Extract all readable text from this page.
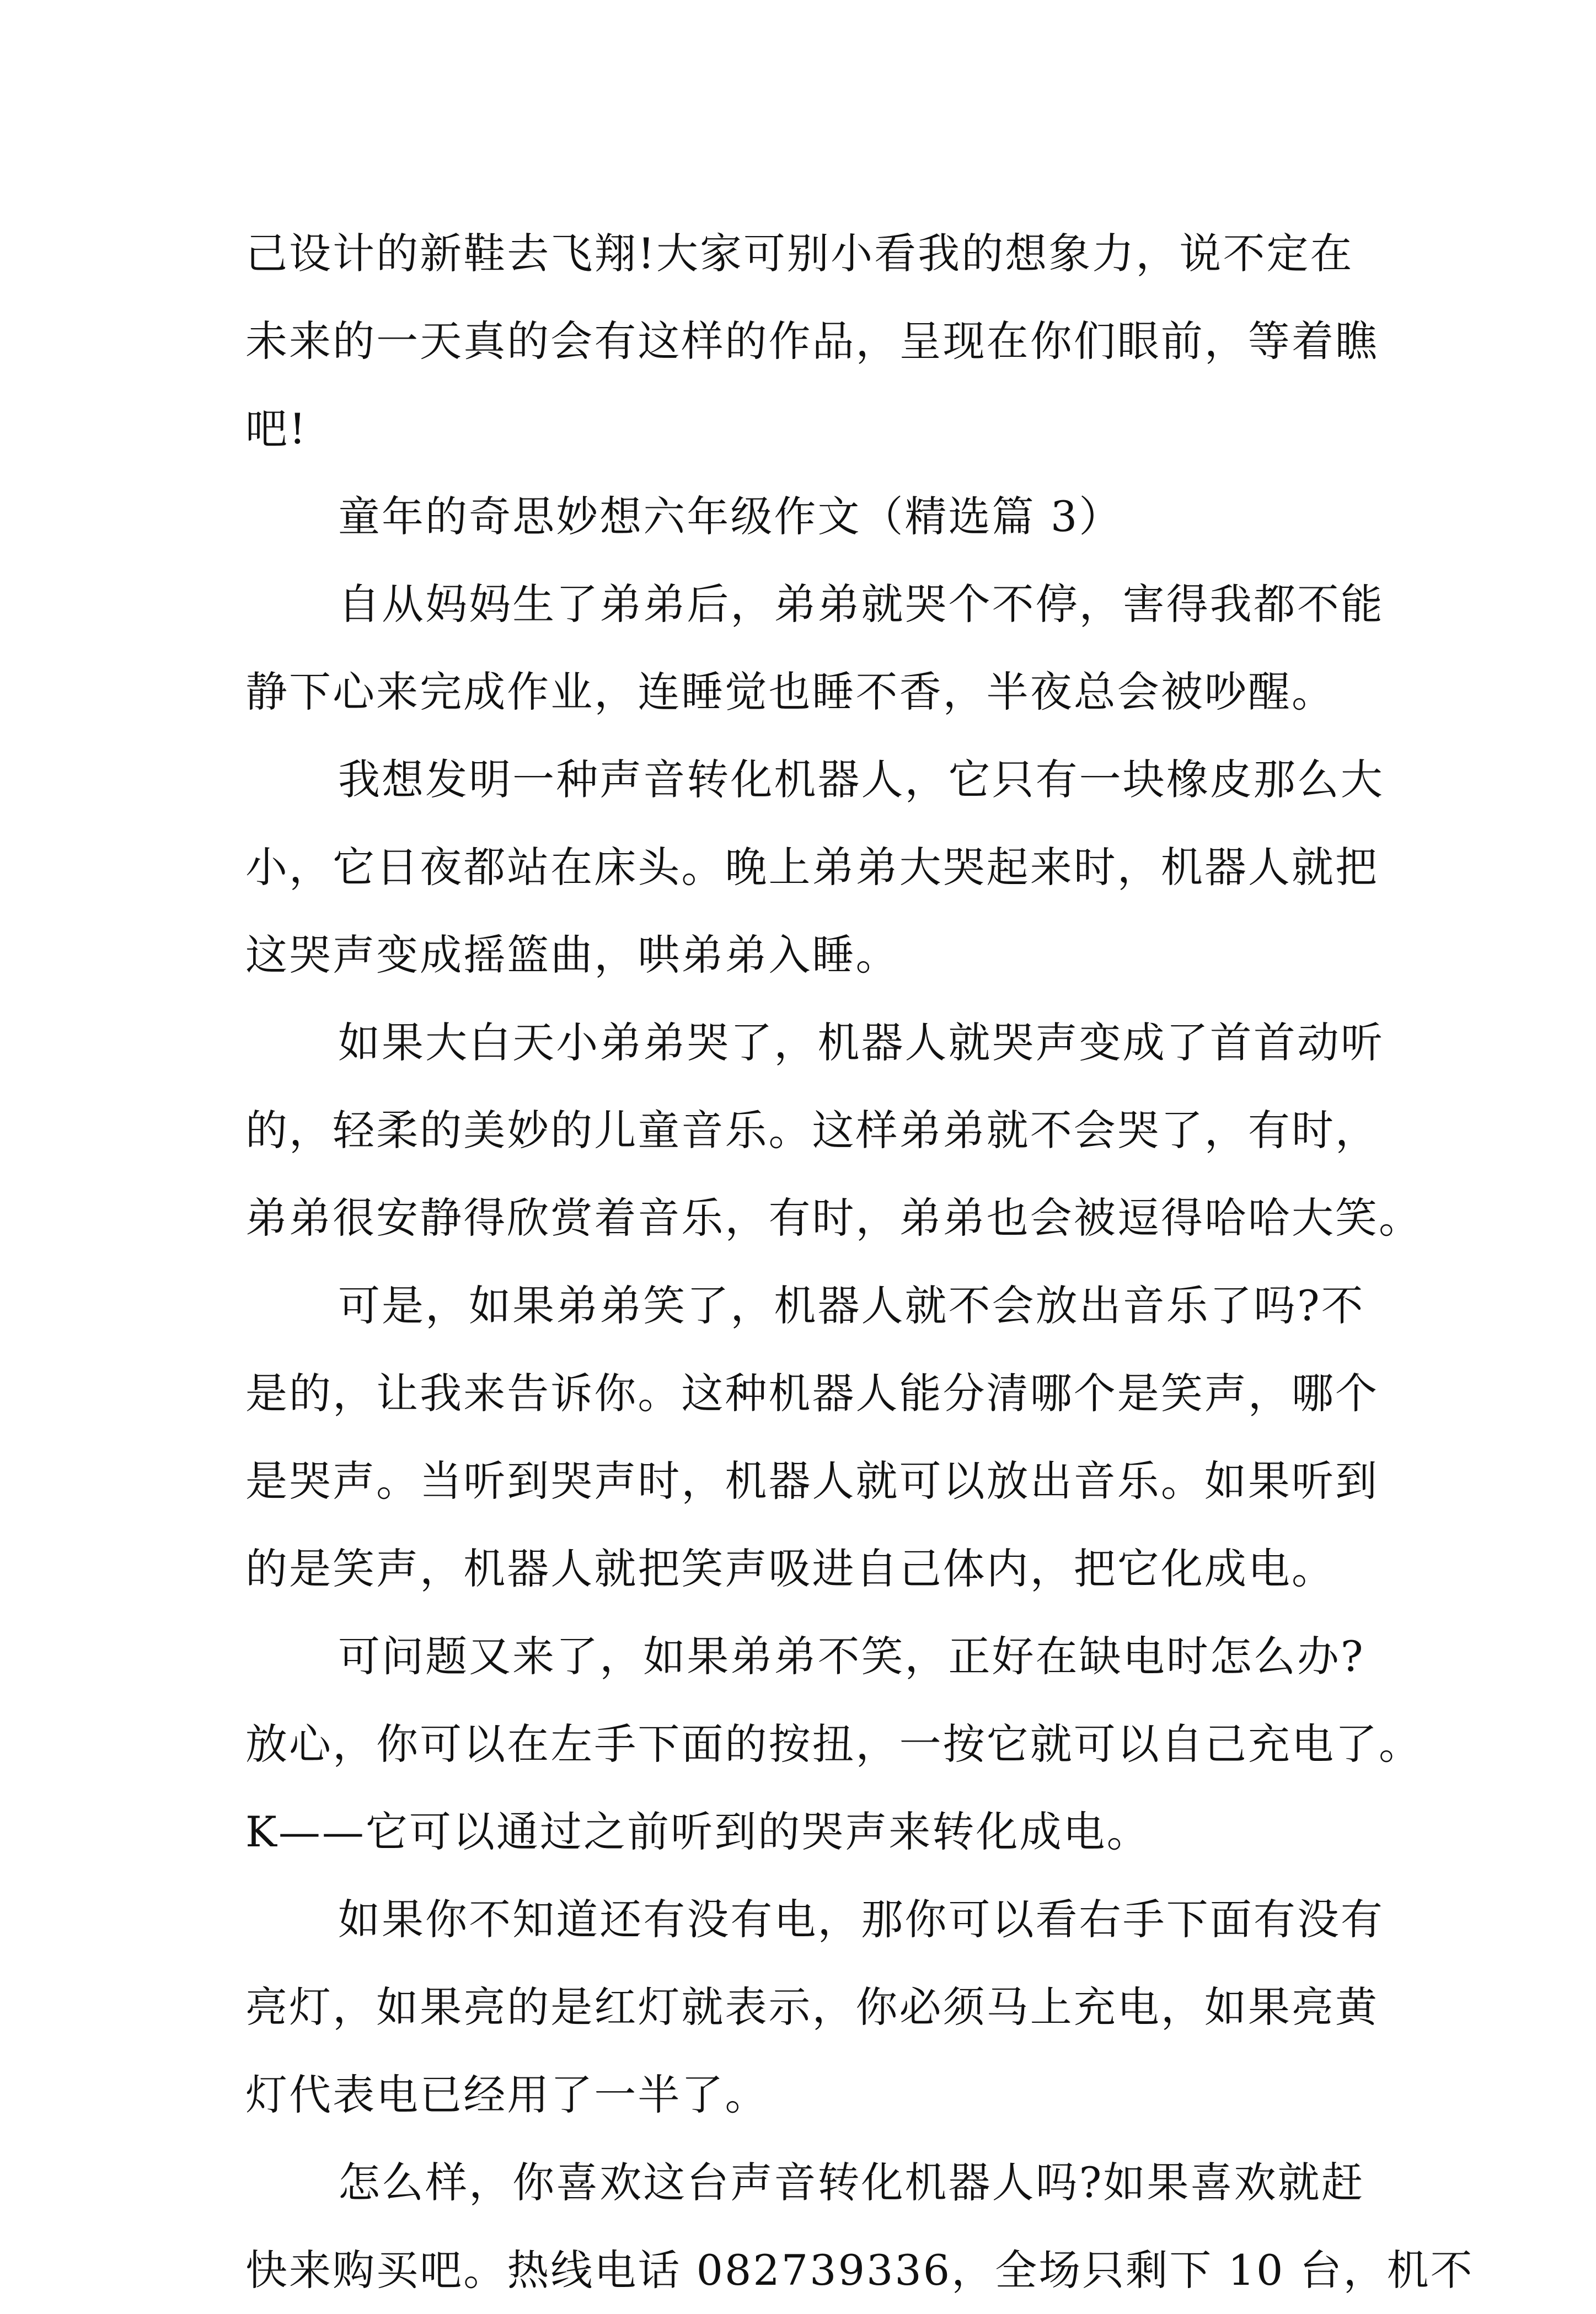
己设计的新鞋去飞翔!大家可别小看我的想象力，说不定在
未来的一天真的会有这样的作品，呈现在你们眼前，等着瞧
吧!
童年的奇思妙想六年级作文（精选篇 3）
自从妈妈生了弟弟后，弟弟就哭个不停，害得我都不能
静下心来完成作业，连睡觉也睡不香，半夜总会被吵醒。
我想发明一种声音转化机器人，它只有一块橡皮那么大
小，它日夜都站在床头。晚上弟弟大哭起来时，机器人就把
这哭声变成摇篮曲，哄弟弟入睡。
如果大白天小弟弟哭了，机器人就哭声变成了首首动听
的，轻柔的美妙的儿童音乐。这样弟弟就不会哭了，有时，
弟弟很安静得欣赏着音乐，有时，弟弟也会被逗得哈哈大笑。
可是，如果弟弟笑了，机器人就不会放出音乐了吗?不
是的，让我来告诉你。这种机器人能分清哪个是笑声，哪个
是哭声。当听到哭声时，机器人就可以放出音乐。如果听到
的是笑声，机器人就把笑声吸进自己体内，把它化成电。
可问题又来了，如果弟弟不笑，正好在缺电时怎么办?
放心，你可以在左手下面的按扭，一按它就可以自己充电了。
K——它可以通过之前听到的哭声来转化成电。
如果你不知道还有没有电，那你可以看右手下面有没有
亮灯，如果亮的是红灯就表示，你必须马上充电，如果亮黄
灯代表电已经用了一半了。
怎么样，你喜欢这台声音转化机器人吗?如果喜欢就赶
快来购买吧。热线电话 082739336，全场只剩下 10 台，机不
